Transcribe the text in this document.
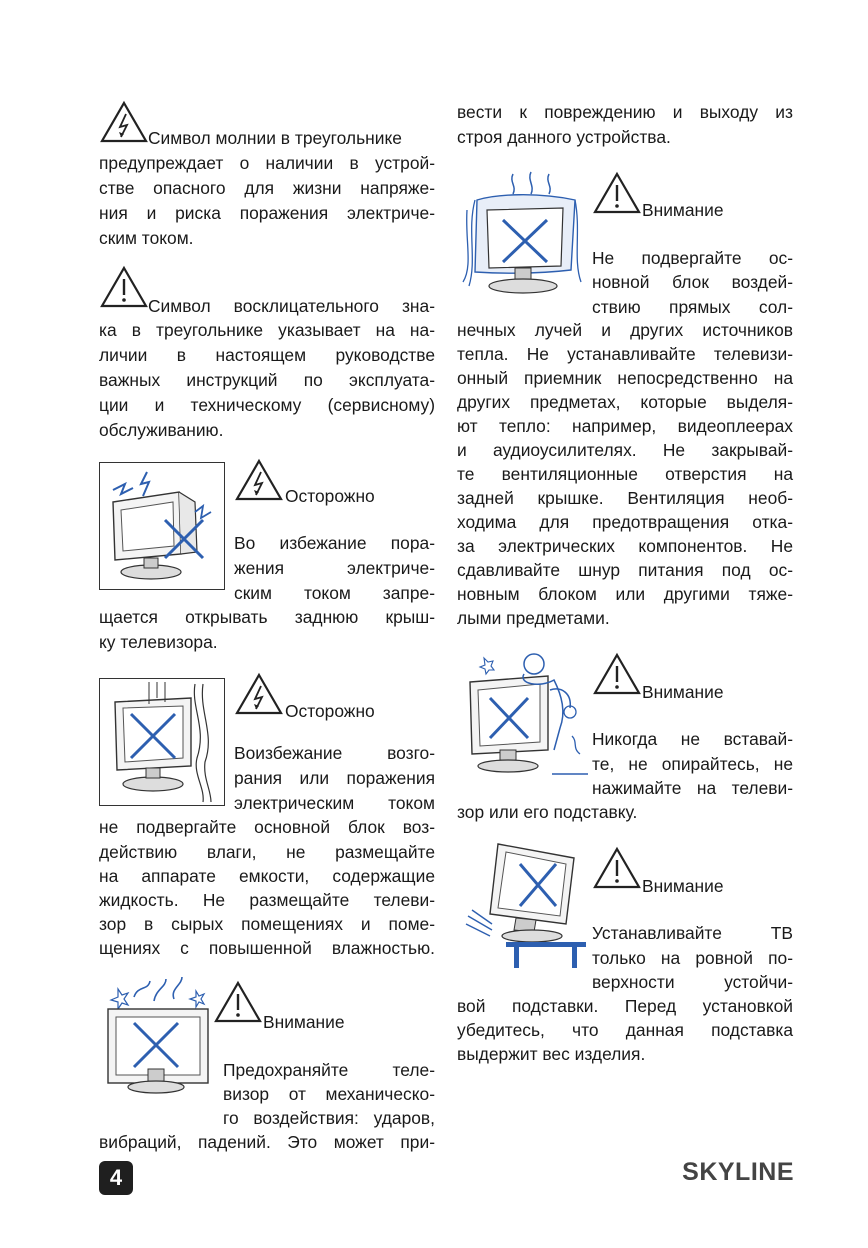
Символ молнии в треугольнике
предупреждает о наличии в устрой-
стве опасного для жизни напряже-
ния и риска поражения электриче-
ским током.
Символ восклицательного зна-
ка в треугольнике указывает на на-
личии в настоящем руководстве
важных инструкций по эксплуата-
ции и техническому (сервисному)
обслуживанию.
Осторожно
Во избежание пора-
жения электриче-
ским током запре-
щается открывать заднюю крыш-
ку телевизора.
Осторожно
Воизбежание возго-
рания или поражения
электрическим током
не подвергайте основной блок воз-
действию влаги, не размещайте
на аппарате емкости, содержащие
жидкость. Не размещайте телеви-
зор в сырых помещениях и поме-
щениях с повышенной влажностью.
Внимание
Предохраняйте теле-
визор от механическо-
го воздействия: ударов,
вибраций, падений. Это может при-
вести к повреждению и выходу из
строя данного устройства.
Внимание
Не подвергайте ос-
новной блок воздей-
ствию прямых сол-
нечных лучей и других источников
тепла. Не устанавливайте телевизи-
онный приемник непосредственно на
других предметах, которые выделя-
ют тепло: например, видеоплеерах
и аудиоусилителях. Не закрывай-
те вентиляционные отверстия на
задней крышке. Вентиляция необ-
ходима для предотвращения отка-
за электрических компонентов. Не
сдавливайте шнур питания под ос-
новным блоком или другими тяже-
лыми предметами.
Внимание
Никогда не вставай-
те, не опирайтесь, не
нажимайте на телеви-
зор или его подставку.
Внимание
Устанавливайте ТВ
только на ровной по-
верхности устойчи-
вой подставки. Перед установкой
убедитесь, что данная подставка
выдержит вес изделия.
4	SKYLINE
